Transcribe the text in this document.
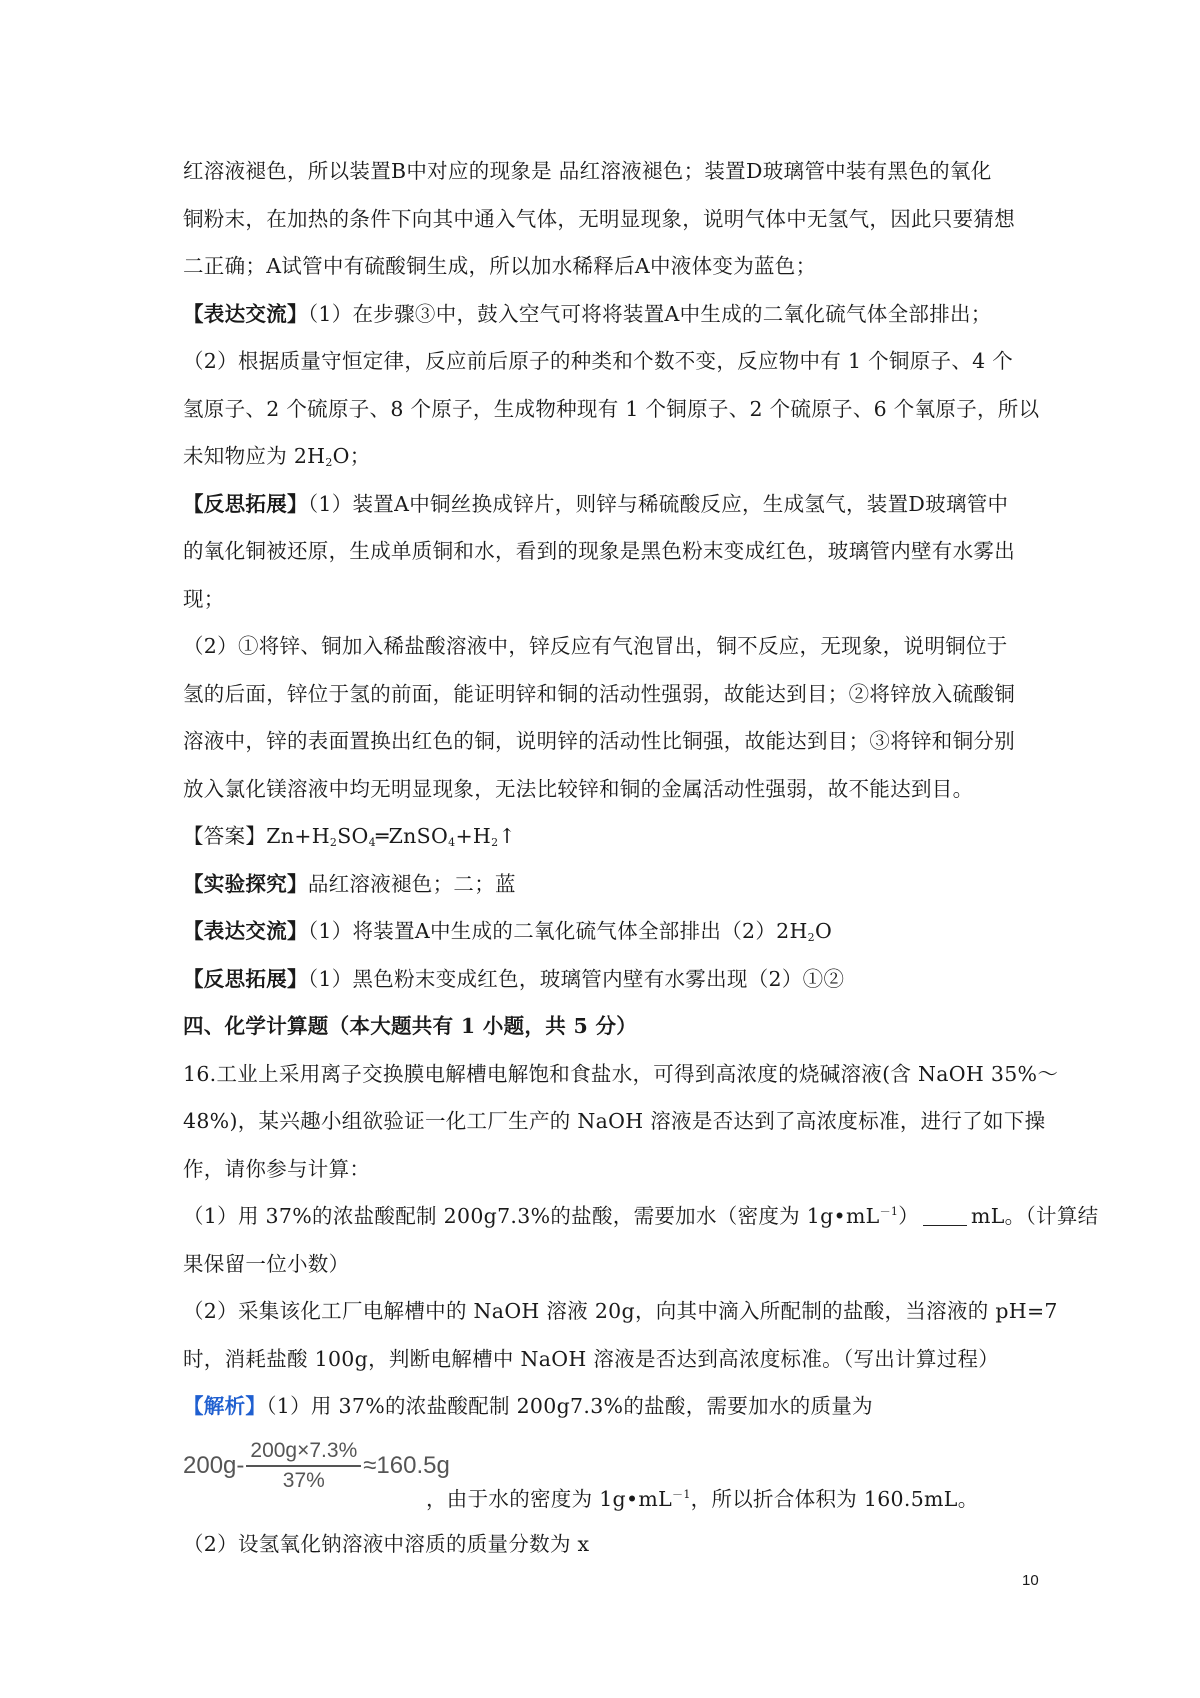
红溶液褪色，所以装置B中对应的现象是 品红溶液褪色；装置D玻璃管中装有黑色的氧化
铜粉末，在加热的条件下向其中通入气体，无明显现象，说明气体中无氢气，因此只要猜想
二正确；A试管中有硫酸铜生成，所以加水稀释后A中液体变为蓝色；
【表达交流】（1）在步骤③中，鼓入空气可将将装置A中生成的二氧化硫气体全部排出；
（2）根据质量守恒定律，反应前后原子的种类和个数不变，反应物中有 1 个铜原子、4 个
氢原子、2 个硫原子、8 个原子，生成物种现有 1 个铜原子、2 个硫原子、6 个氧原子，所以
未知物应为 $2H_2O$；
【反思拓展】（1）装置A中铜丝换成锌片，则锌与稀硫酸反应，生成氢气，装置D玻璃管中
的氧化铜被还原，生成单质铜和水，看到的现象是黑色粉末变成红色，玻璃管内壁有水雾出
现；
（2）①将锌、铜加入稀盐酸溶液中，锌反应有气泡冒出，铜不反应，无现象，说明铜位于
氢的后面，锌位于氢的前面，能证明锌和铜的活动性强弱，故能达到目；②将锌放入硫酸铜
溶液中，锌的表面置换出红色的铜，说明锌的活动性比铜强，故能达到目；③将锌和铜分别
放入氯化镁溶液中均无明显现象，无法比较锌和铜的金属活动性强弱，故不能达到目。
【答案】$Zn+H_2SO_4═ZnSO_4+H_2↑$
【实验探究】品红溶液褪色；二；蓝
【表达交流】（1）将装置A中生成的二氧化硫气体全部排出$(2)2H_2O$
【反思拓展】（1）黑色粉末变成红色，玻璃管内壁有水雾出现（2）①②
四、化学计算题（本大题共有 1 小题，共 5 分）
16.工业上采用离子交换膜电解槽电解饱和食盐水，可得到高浓度的烧碱溶液(含 NaOH 35%～
48%)，某兴趣小组欲验证一化工厂生产的 NaOH 溶液是否达到了高浓度标准，进行了如下操
作，请你参与计算：
（1）用 37%的浓盐酸配制 200g7.3%的盐酸，需要加水（密度为 $1g•mL^{-1}$）	mL。（计算结
果保留一位小数）
（2）采集该化工厂电解槽中的 NaOH 溶液 20g，向其中滴入所配制的盐酸，当溶液的 pH=7
时，消耗盐酸 100g，判断电解槽中 NaOH 溶液是否达到高浓度标准。（写出计算过程）
【解析】（1）用 37%的浓盐酸配制 200g7.3%的盐酸，需要加水的质量为
$200g- \frac{200g\times 7.3\%}{37\%} \approx 160.5g$
，由于水的密度为 $1g•mL^{-1}$，所以折合体积为 160.5mL。
（2）设氢氧化钠溶液中溶质的质量分数为 x
10
